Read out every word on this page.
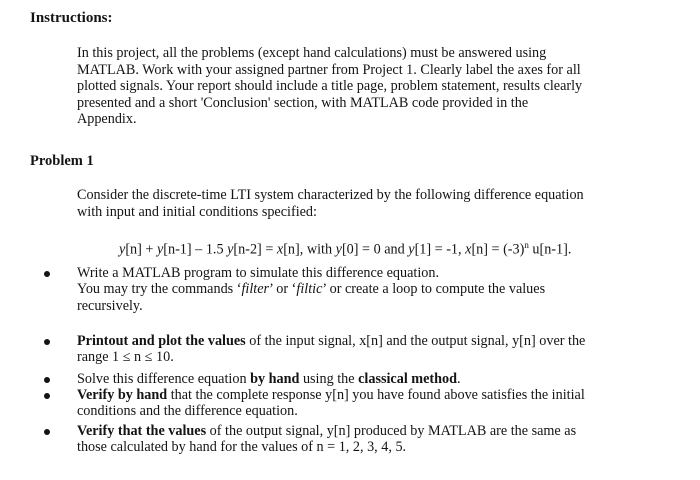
Instructions:
In this project, all the problems (except hand calculations) must be answered using
MATLAB. Work with your assigned partner from Project 1. Clearly label the axes for all
plotted signals. Your report should include a title page, problem statement, results clearly
presented and a short 'Conclusion' section, with MATLAB code provided in the
Appendix.
Problem 1
Consider the discrete-time LTI system characterized by the following difference equation
with input and initial conditions specified:
y[n] + y[n-1] – 1.5 y[n-2] = x[n], with y[0] = 0 and y[1] = -1, $x[n] = (-3)^n$ u[n-1].
Write a MATLAB program to simulate this difference equation.
You may try the commands ‘filter’ or ‘filtic’ or create a loop to compute the values
recursively.
Printout and plot the values of the input signal, x[n] and the output signal, y[n] over the
range 1 ≤ n ≤ 10.
Solve this difference equation by hand using the classical method.
Verify by hand that the complete response y[n] you have found above satisfies the initial
conditions and the difference equation.
Verify that the values of the output signal, y[n] produced by MATLAB are the same as
those calculated by hand for the values of n = 1, 2, 3, 4, 5.
